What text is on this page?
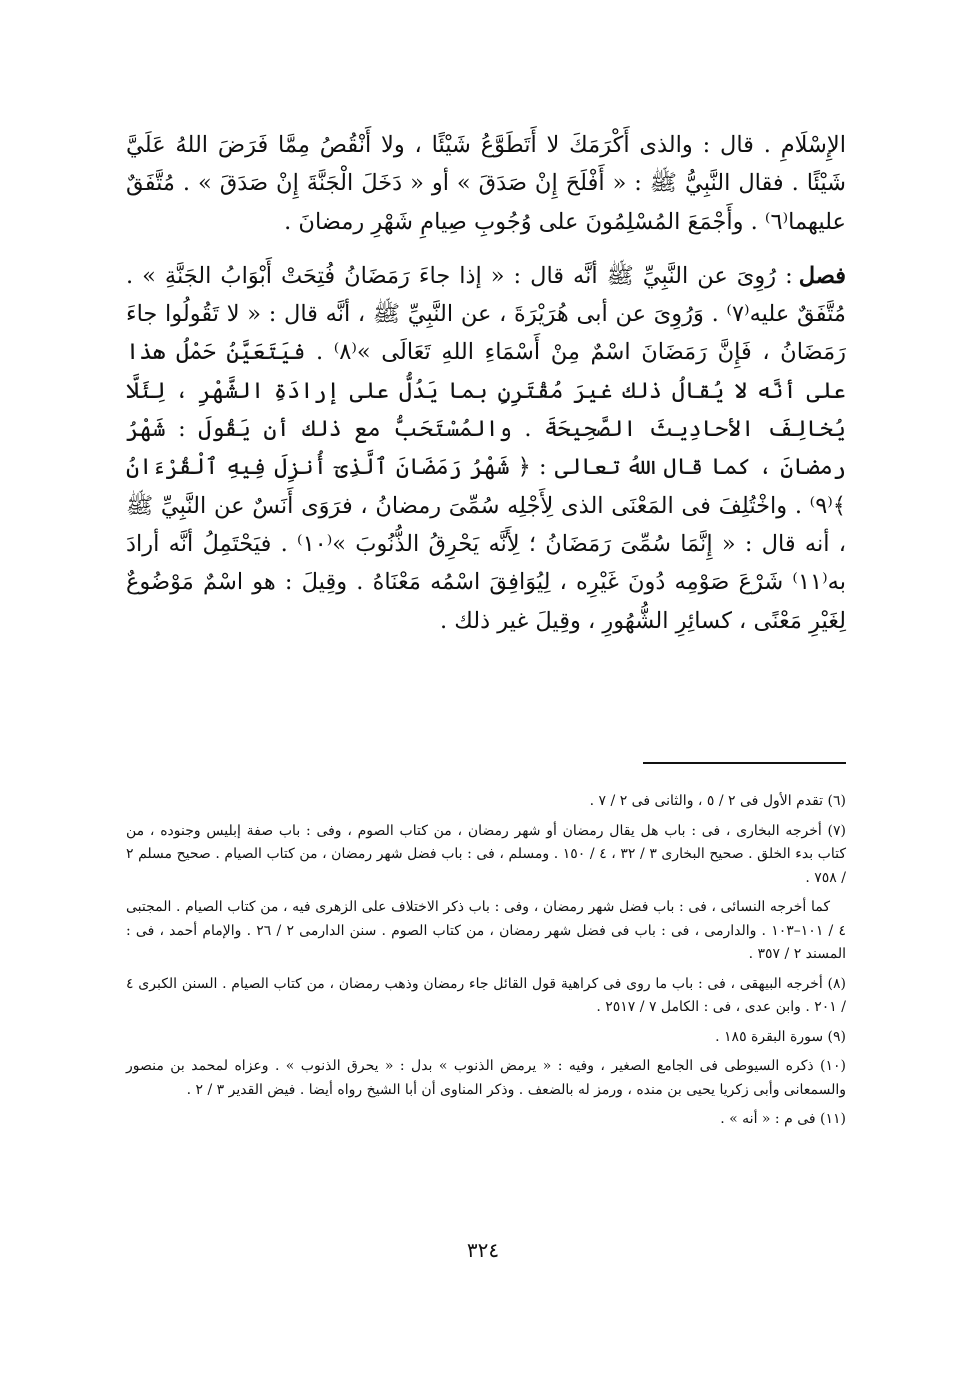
الإِسْلَامِ . قال : والذى أَكْرَمَكَ لا أَتَطَوَّعُ شَيْئًا ، ولا أَنْقُصُ مِمَّا فَرَضَ اللهُ عَلَيَّ شَيْئًا . فقال النَّبِيُّ ﷺ : « أَفْلَحَ إِنْ صَدَقَ » أو « دَخَلَ الْجَنَّةَ إِنْ صَدَقَ » . مُتَّفَقٌ عليهما⁽٦⁾ . وأَجْمَعَ المُسْلِمُونَ على وُجُوبِ صِيامِ شَهْرِ رمضانَ .

فصل: رُوِىَ عن النَّبِيِّ ﷺ أنَّه قال : « إذا جاءَ رَمَضَانُ فُتِحَتْ أَبْوَابُ الجَنَّةِ » . مُتَّفَقٌ عليه⁽٧⁾ . وَرُوِىَ عن أبى هُرَيْرَةَ ، عن النَّبِيِّ ﷺ ، أنَّه قال : « لا تَقُولُوا جاءَ رَمَضَانُ ، فَإِنَّ رَمَضَانَ اسْمٌ مِنْ أَسْمَاءِ اللهِ تَعَالَى »⁽٨⁾ . فيَتَعَيَّنُ حَمْلُ هذا على أنَّه لا يُقالُ ذلك غيرَ مُقْتَرِنٍ بما يَدُلُّ على إرادَةِ الشَّهْرِ ، لِئَلَّا يُخالِفَ الأحادِيثَ الصَّحِيحَةَ . والمُسْتَحَبُّ مع ذلك أن يَقُولَ : شَهْرُ رمضانَ ، كما قال اللهُ تعالى : ﴿ شَهْرُ رَمَضَانَ ٱلَّذِىٓ أُنزِلَ فِيهِ ٱلْقُرْءَانُ ﴾⁽٩⁾ . واخْتُلِفَ فى المَعْنَى الذى لِأَجْلِه سُمِّىَ رمضانُ ، فرَوَى أَنَسٌ عن النَّبِيِّ ﷺ ، أنه قال : « إِنَّمَا سُمِّىَ رَمَضَانُ ؛ لِأَنَّه يَحْرِقُ الذُّنُوبَ »⁽١٠⁾ . فيَحْتَمِلُ أنَّه أرادَ به⁽١١⁾ شَرْعَ صَوْمِه دُونَ غَيْرِه ، لِيُوَافِقَ اسْمُه مَعْنَاهُ . وقِيلَ : هو اسْمٌ مَوْضُوعٌ لِغَيْرِ مَعْنًى ، كسائِرِ الشُّهُورِ ، وقِيلَ غير ذلك .

(٦) تقدم الأول فى ٢ / ٥ ، والثانى فى ٢ / ٧ .

(٧) أخرجه البخارى ، فى : باب هل يقال رمضان أو شهر رمضان ، من كتاب الصوم ، وفى : باب صفة إبليس وجنوده ، من كتاب بدء الخلق . صحيح البخارى ٣ / ٣٢ ، ٤ / ١٥٠ . ومسلم ، فى : باب فضل شهر رمضان ، من كتاب الصيام . صحيح مسلم ٢ / ٧٥٨ .

كما أخرجه النسائى ، فى : باب فضل شهر رمضان ، وفى : باب ذكر الاختلاف على الزهرى فيه ، من كتاب الصيام . المجتبى ٤ / ١٠١–١٠٣ . والدارمى ، فى : باب فى فضل شهر رمضان ، من كتاب الصوم . سنن الدارمى ٢ / ٢٦ . والإمام أحمد ، فى : المسند ٢ / ٣٥٧ .

(٨) أخرجه البيهقى ، فى : باب ما روى فى كراهية قول القائل جاء رمضان وذهب رمضان ، من كتاب الصيام . السنن الكبرى ٤ / ٢٠١ . وابن عدى ، فى : الكامل ٧ / ٢٥١٧ .

(٩) سورة البقرة ١٨٥ .

(١٠) ذكره السيوطى فى الجامع الصغير ، وفيه : « يرمض الذنوب » بدل : « يحرق الذنوب » . وعزاه لمحمد بن منصور والسمعانى وأبى زكريا يحيى بن منده ، ورمز له بالضعف . وذكر المناوى أن أبا الشيخ رواه أيضا . فيض القدير ٣ / ٢ .

(١١) فى م : « أنه » .

٣٢٤
